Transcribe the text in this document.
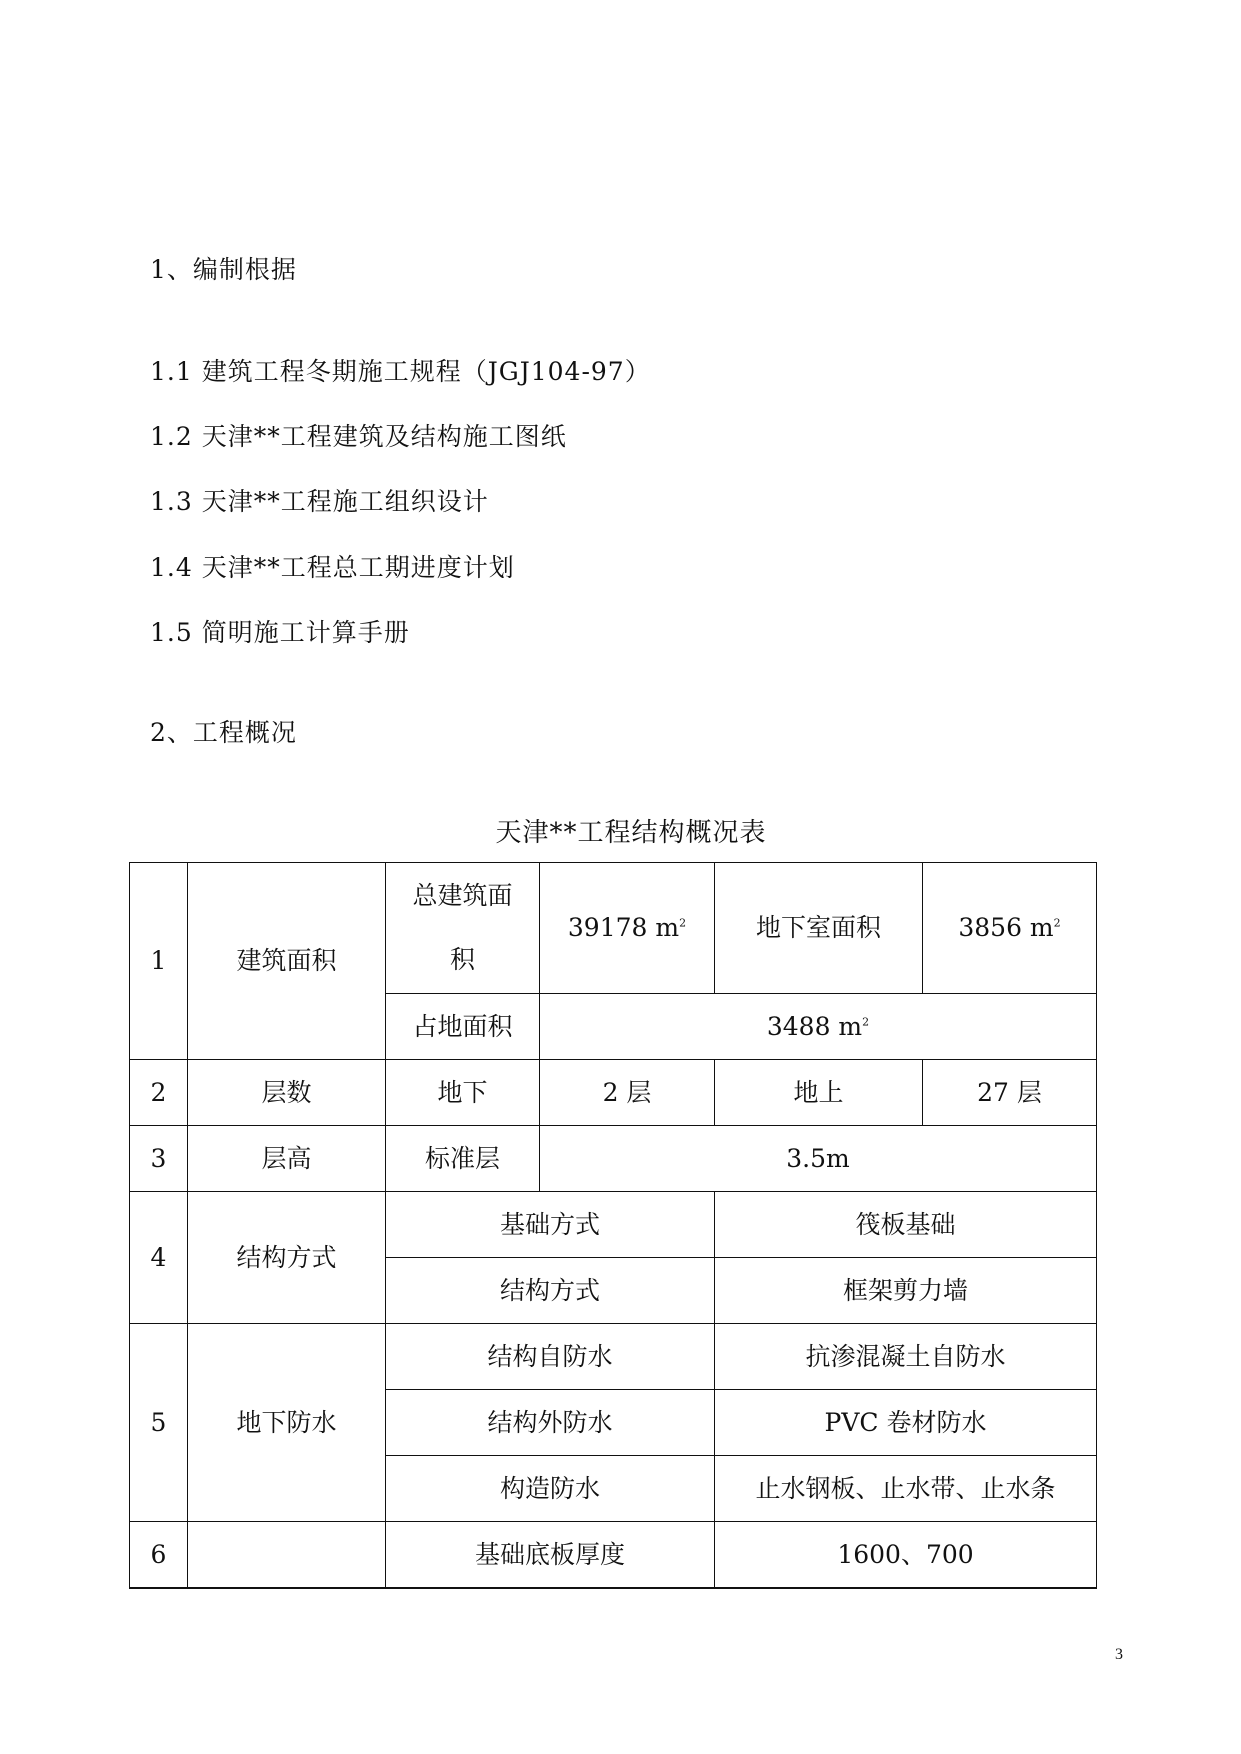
1、编制根据
1.1 建筑工程冬期施工规程（JGJ104-97）
1.2 天津**工程建筑及结构施工图纸
1.3 天津**工程施工组织设计
1.4 天津**工程总工期进度计划
1.5 简明施工计算手册
2、工程概况
天津**工程结构概况表
1	建筑面积	总建筑面积	39178 $m^2$	地下室面积	3856 $m^2$
		占地面积	3488 $m^2$
2	层数	地下	2 层	地上	27 层
3	层高	标准层	3.5m		
4	结构方式	基础方式		筏板基础	
		结构方式		框架剪力墙	
5	地下防水	结构自防水		抗渗混凝土自防水	
		结构外防水		PVC 卷材防水	
		构造防水		止水钢板、止水带、止水条	
6		基础底板厚度		1600、700	
3
